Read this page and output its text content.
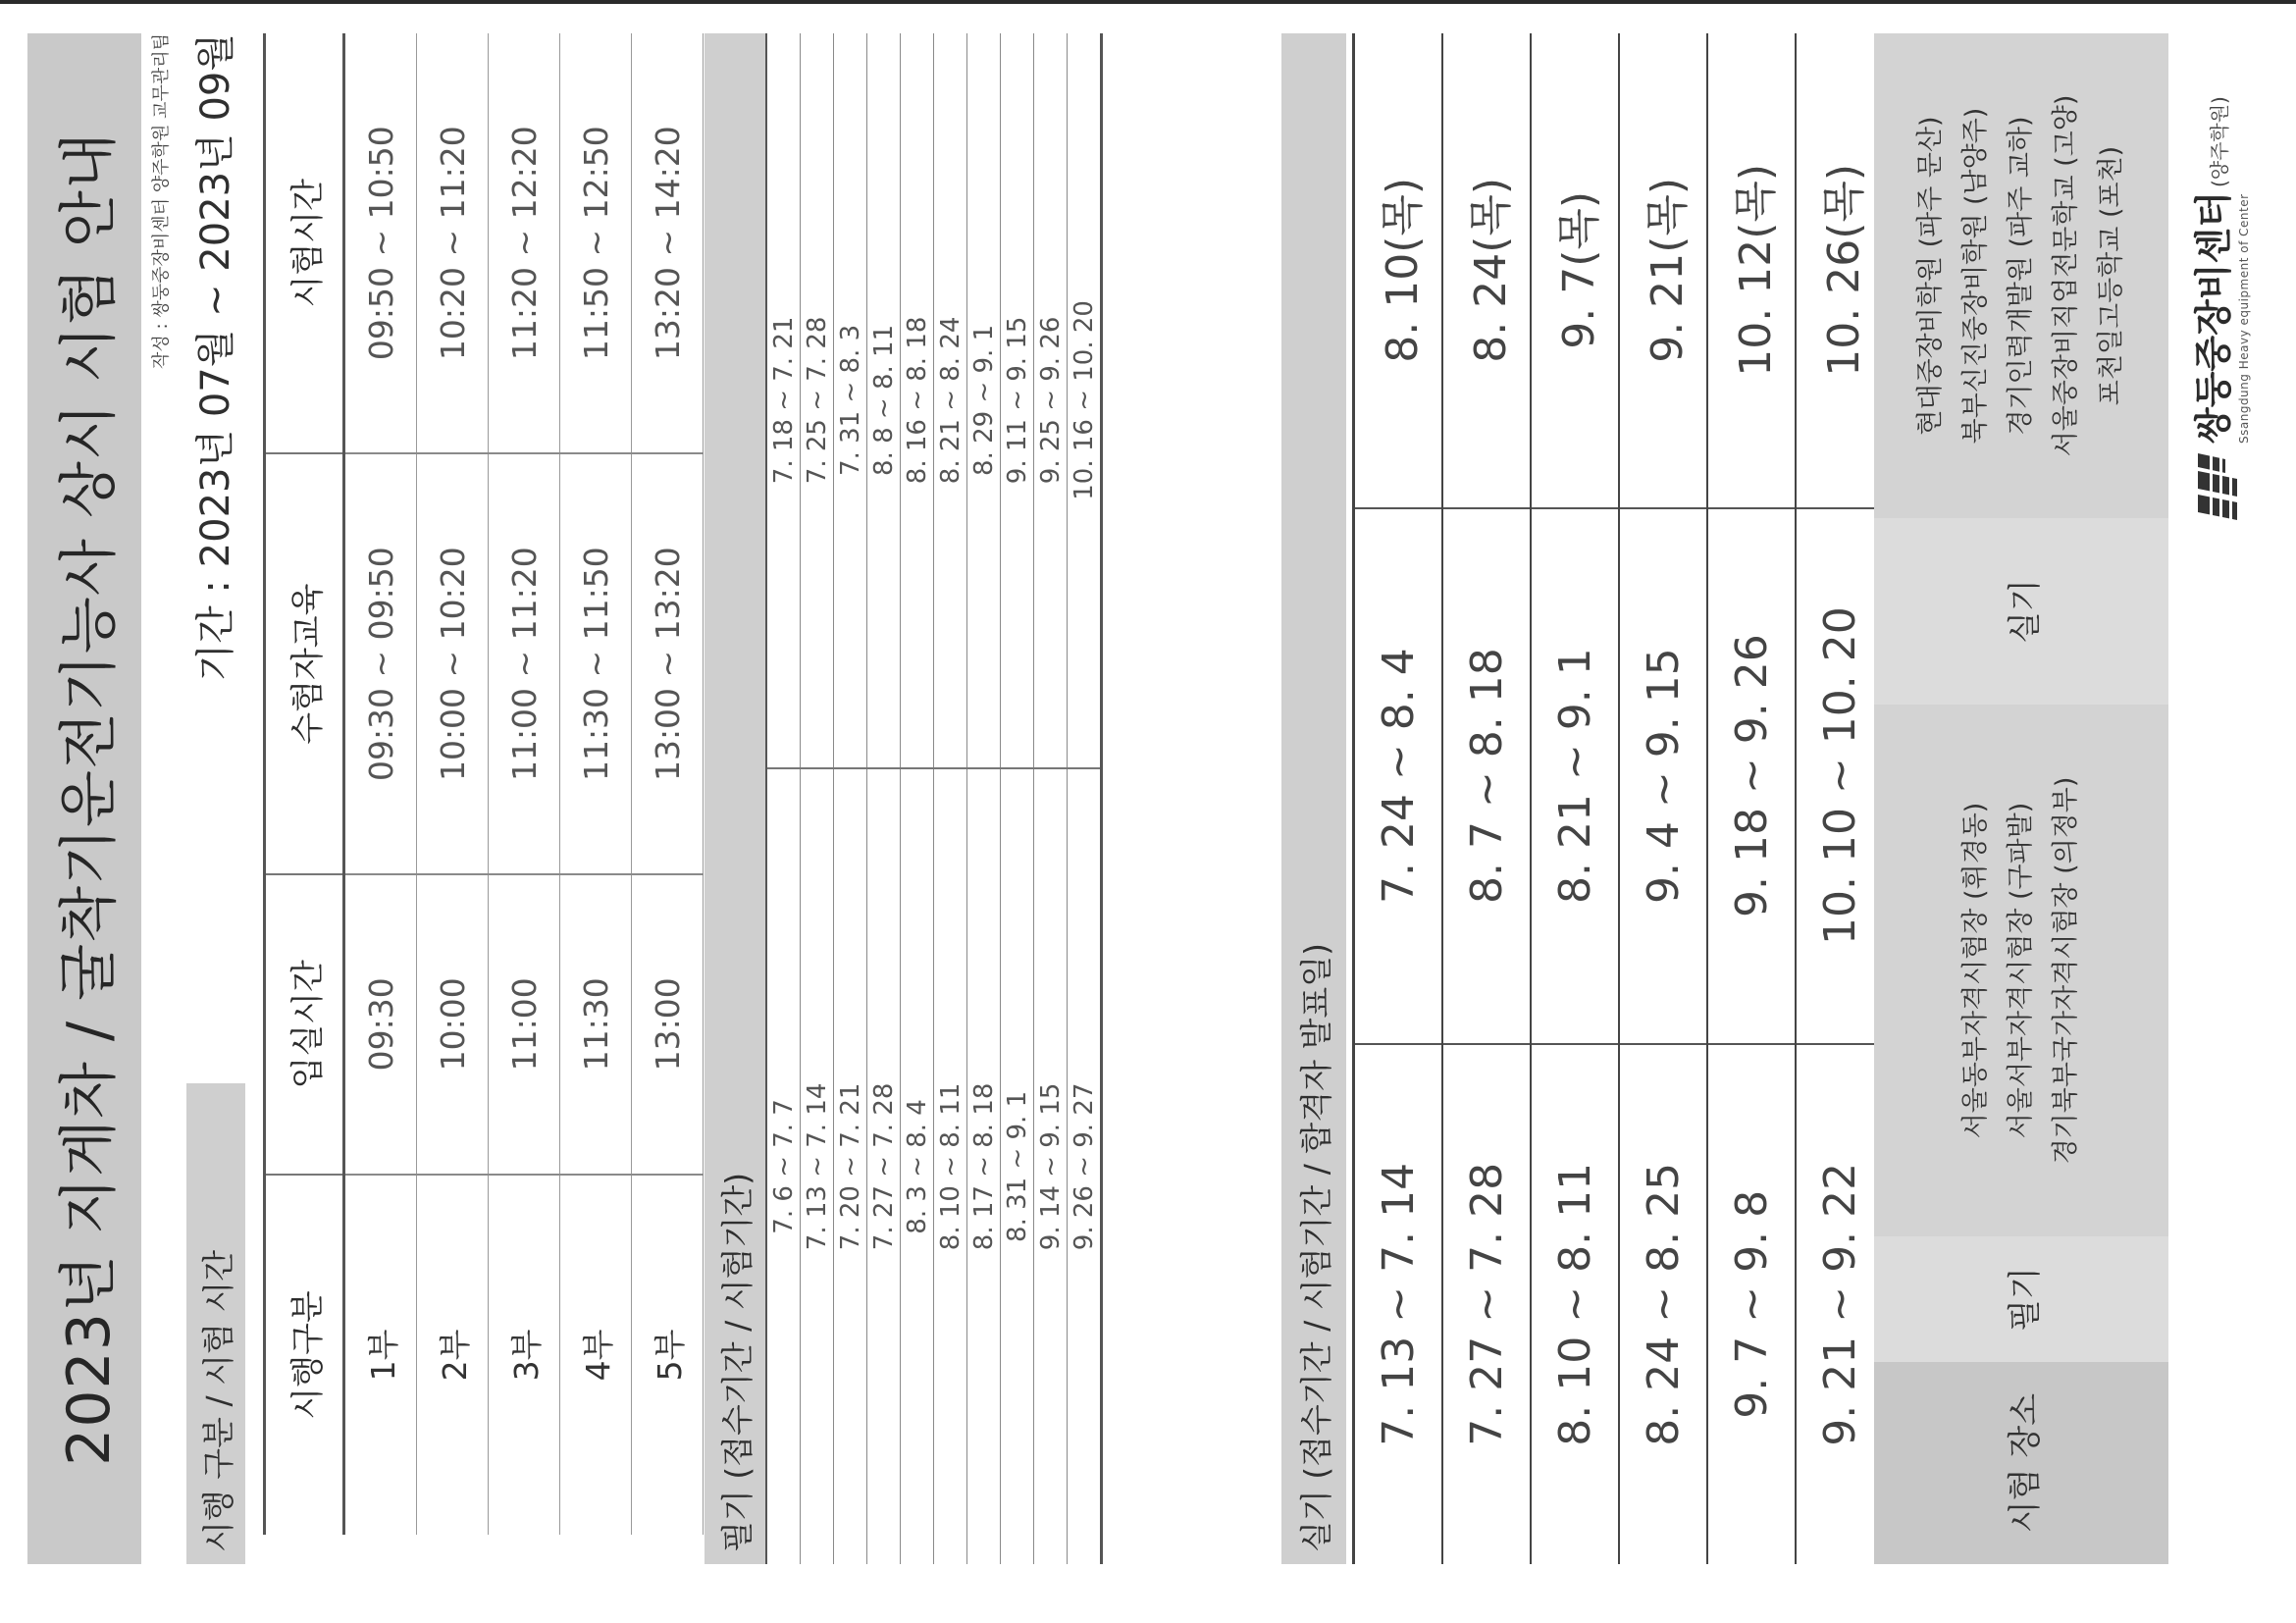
2023년 지게차 / 굴착기운전기능사 상시 시험 안내 작성 : 쌍둥중장비센터 양주학원 교무관리팀
시행 구분 / 시험 시간
기간 : 2023년 07월 ~ 2023년 09월
시행구분	입실시간	수험자교육	시험시간
1부	09:30	09:30 ~ 09:50	09:50 ~ 10:50
2부	10:00	10:00 ~ 10:20	10:20 ~ 11:20
3부	11:00	11:00 ~ 11:20	11:20 ~ 12:20
4부	11:30	11:30 ~ 11:50	11:50 ~ 12:50
5부	13:00	13:00 ~ 13:20	13:20 ~ 14:20
필기 (접수기간 / 시험기간)
7. 6 ~ 7. 7	7. 18 ~ 7. 21
7. 13 ~ 7. 14	7. 25 ~ 7. 28
7. 20 ~ 7. 21	7. 31 ~ 8. 3
7. 27 ~ 7. 28	8. 8 ~ 8. 11
8. 3 ~ 8. 4	8. 16 ~ 8. 18
8. 10 ~ 8. 11	8. 21 ~ 8. 24
8. 17 ~ 8. 18	8. 29 ~ 9. 1
8. 31 ~ 9. 1	9. 11 ~ 9. 15
9. 14 ~ 9. 15	9. 25 ~ 9. 26
9. 26 ~ 9. 27	10. 16 ~ 10. 20
실기 (접수기간 / 시험기간 / 합격자 발표일) 7. 13 ~ 7. 14	7. 24 ~ 8. 4	8. 10(목)
7. 27 ~ 7. 28	8. 7 ~ 8. 18	8. 24(목)
8. 10 ~ 8. 11	8. 21 ~ 9. 1	9. 7(목)
8. 24 ~ 8. 25	9. 4 ~ 9. 15	9. 21(목)
9. 7 ~ 9. 8	9. 18 ~ 9. 26	10. 12(목)
9. 21 ~ 9. 22	10. 10 ~ 10. 20	10. 26(목)
시험 장소
필기
서울동부자격시험장 (휘경동) 서울서부자격시험장 (구파발) 경기북부국가자격시험장 (의정부)
실기
현대중장비학원 (파주 문산) 북부신진중장비학원 (남양주) 경기인력개발원 (파주 교하) 서울중장비직업전문학교 (고양) 포천일고등학교 (포천) 쌍둥중장비센터(양주학원)
Ssangdung Heavy equipment of Center
